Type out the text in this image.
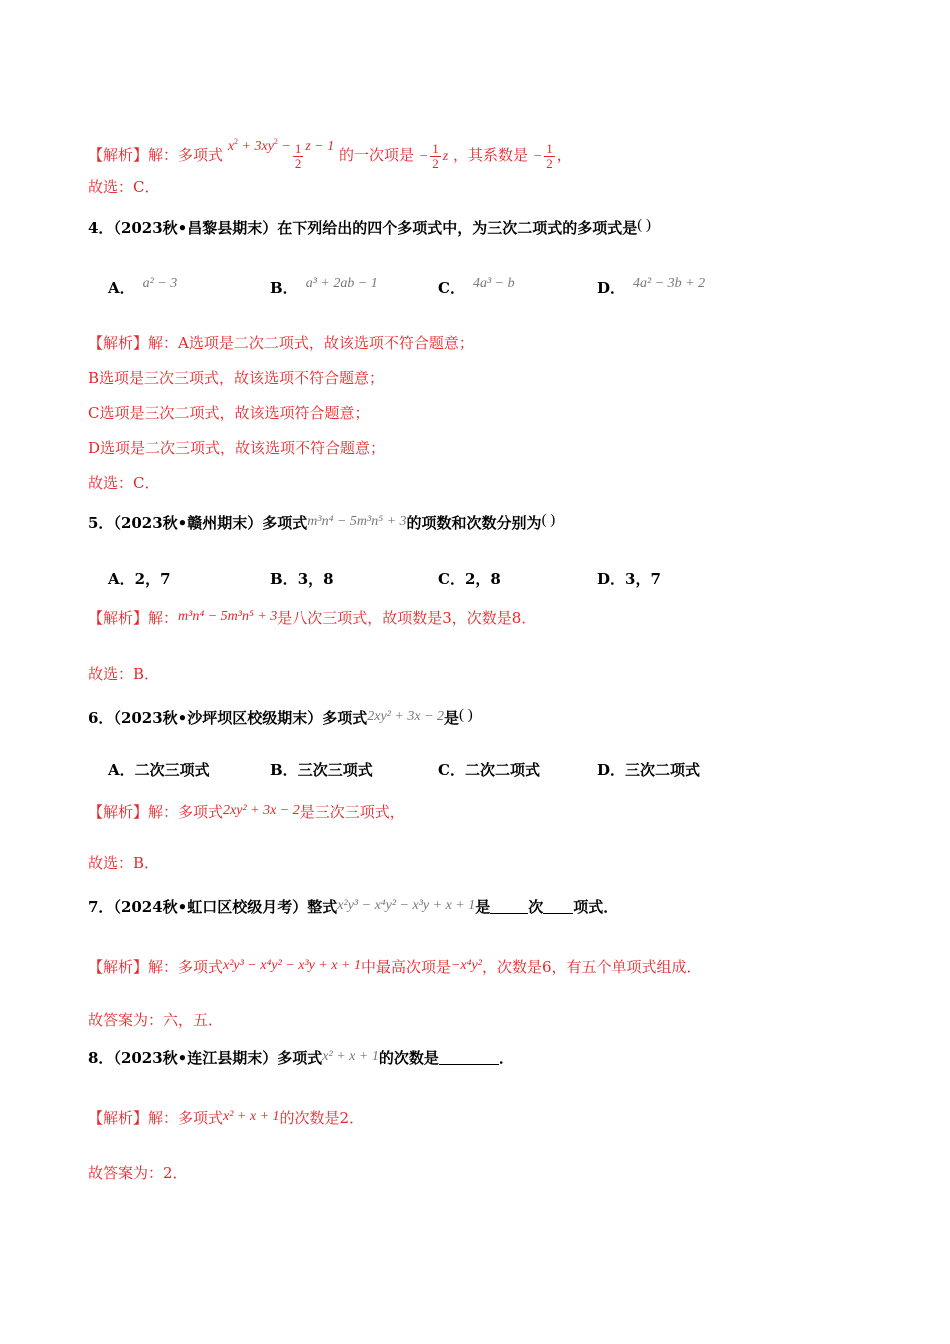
【解析】解：多项式 $x^2 + 3xy^2 - \frac{1}{2}$ z − 1 的一次项是 − $\frac{1}{2}$ z ，其系数是 − $\frac{1}{2}$ ，
故选：C．
4．（2023秋•昌黎县期末）在下列给出的四个多项式中，为三次二项式的多项式是( )
A． a² − 3	B． a³ + 2ab − 1	C． 4a³ − b	D． 4a² − 3b + 2
【解析】解：A选项是二次二项式，故该选项不符合题意；
B选项是三次三项式，故该选项不符合题意；
C选项是三次二项式，故该选项符合题意；
D选项是二次三项式，故该选项不符合题意；
故选：C．
5．（2023秋•赣州期末）多项式m³n⁴ − 5m³n⁵ + 3的项数和次数分别为( )
A．2，7	B．3，8	C．2，8	D．3，7
【解析】解：m³n⁴ − 5m³n⁵ + 3是八次三项式，故项数是3，次数是8．
故选：B．
6．（2023秋•沙坪坝区校级期末）多项式2xy² + 3x − 2是( )
A．二次三项式	B．三次三项式	C．二次二项式	D．三次二项式
【解析】解：多项式2xy² + 3x − 2是三次三项式，
故选：B．
7．（2024秋•虹口区校级月考）整式x²y³ − x⁴y² − x³y + x + 1是	次 项式．
【解析】解：多项式x²y³ − x⁴y² − x³y + x + 1中最高次项是−x⁴y²，次数是6，有五个单项式组成．
故答案为：六，五．
8．（2023秋•连江县期末）多项式x² + x + 1的次数是	．
【解析】解：多项式x² + x + 1的次数是2．
故答案为：2．
